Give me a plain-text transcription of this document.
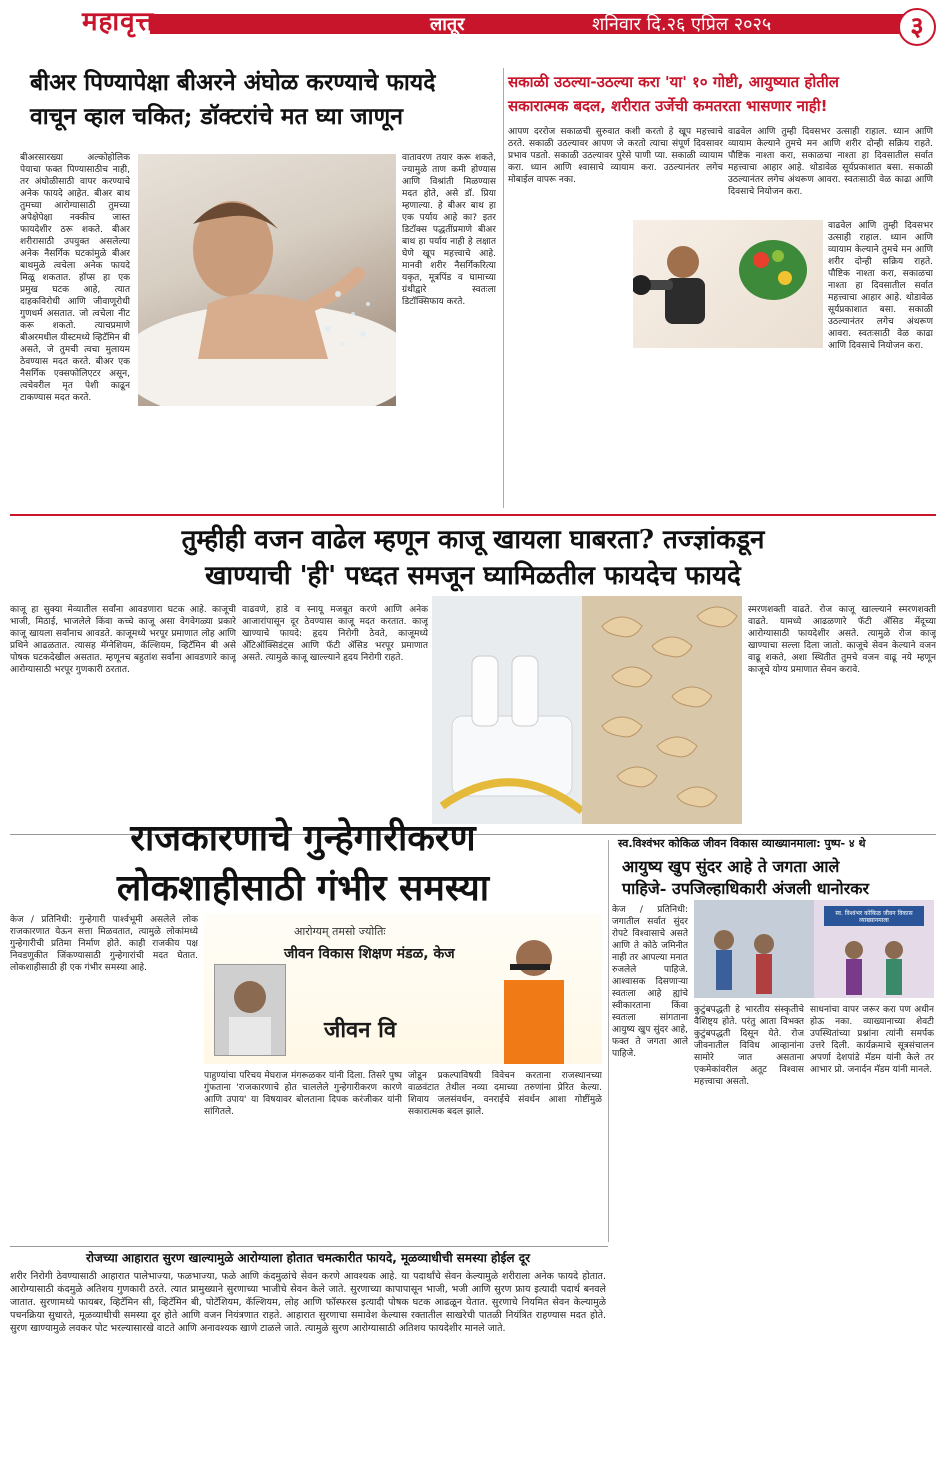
महावृत्त	लातूर	शनिवार दि.२६ एप्रिल २०२५	३
बीअर पिण्यापेक्षा बीअरने अंघोळ करण्याचे फायदे
वाचून व्हाल चकित; डॉक्टरांचे मत घ्या जाणून
बीअरसारख्या अल्कोहोलिक पेयाचा फक्त पिण्यासाठीच नाही, तर अंघोळीसाठी वापर करण्याचे अनेक फायदे आहेत. बीअर बाथ तुमच्या आरोग्यासाठी तुमच्या अपेक्षेपेक्षा नक्कीच जास्त फायदेशीर ठरू शकते. बीअर शरीरासाठी उपयुक्त असलेल्या अनेक नैसर्गिक घटकांमुळे बीअर बाथमुळे त्वचेला अनेक फायदे मिळू शकतात. हॉप्स हा एक प्रमुख घटक आहे, त्यात दाहकविरोधी आणि जीवाणूरोधी गुणधर्म असतात. जो त्वचेला नीट करू शकतो. त्याचप्रमाणे बीअरमधील यीस्टमध्ये व्हिटॅमिन बी असते, जे तुमची त्वचा मुलायम ठेवण्यास मदत करते. बीअर एक नैसर्गिक एक्सफोलिएटर असून, त्वचेवरील मृत पेशी काढून टाकण्यास मदत करते.
वातावरण तयार करू शकते, ज्यामुळे ताण कमी होण्यास आणि विश्रांती मिळण्यास मदत होते, असे डॉ. प्रिया म्हणाल्या. हे बीअर बाथ हा एक पर्याय आहे का? इतर डिटॉक्स पद्धतींप्रमाणे बीअर बाथ हा पर्याय नाही हे लक्षात घेणे खूप महत्त्वाचे आहे. मानवी शरीर नैसर्गिकरित्या यकृत, मूत्रपिंड व घामाच्या ग्रंथीद्वारे स्वतःला डिटॉक्सिफाय करते.
सकाळी उठल्या-उठल्या करा 'या' १० गोष्टी, आयुष्यात होतील
सकारात्मक बदल, शरीरात उर्जेची कमतरता भासणार नाही!
आपण दररोज सकाळची सुरुवात कशी करतो हे खूप महत्त्वाचे ठरते. सकाळी उठल्यावर आपण जे करतो त्याचा संपूर्ण दिवसावर प्रभाव पडतो. सकाळी उठल्यावर पुरेसे पाणी प्या. सकाळी व्यायाम करा. ध्यान आणि श्वासाचे व्यायाम करा. उठल्यानंतर लगेच मोबाईल वापरू नका.
वाढवेल आणि तुम्ही दिवसभर उत्साही राहाल. ध्यान आणि व्यायाम केल्याने तुमचे मन आणि शरीर दोन्ही सक्रिय राहते. पौष्टिक नाश्ता करा, सकाळचा नाश्ता हा दिवसातील सर्वात महत्त्वाचा आहार आहे. थोडावेळ सूर्यप्रकाशात बसा. सकाळी उठल्यानंतर लगेच अंथरूण आवरा. स्वतःसाठी वेळ काढा आणि दिवसाचे नियोजन करा.
वाढवेल आणि तुम्ही दिवसभर उत्साही राहाल. ध्यान आणि व्यायाम केल्याने तुमचे मन आणि शरीर दोन्ही सक्रिय राहते. पौष्टिक नाश्ता करा, सकाळचा नाश्ता हा दिवसातील सर्वात महत्त्वाचा आहार आहे. थोडावेळ सूर्यप्रकाशात बसा. सकाळी उठल्यानंतर लगेच अंथरूण आवरा. स्वतःसाठी वेळ काढा आणि दिवसाचे नियोजन करा.
तुम्हीही वजन वाढेल म्हणून काजू खायला घाबरता? तज्ज्ञांकडून
खाण्याची 'ही' पध्दत समजून घ्यामिळतील फायदेच फायदे
काजू हा सुक्या मेव्यातील सर्वांना आवडणारा घटक आहे. काजूची भाजी, मिठाई, भाजलेले किंवा कच्चे काजू असा वेगवेगळ्या प्रकारे काजू खायला सर्वांनाच आवडते. काजूमध्ये भरपूर प्रमाणात लोह आणि प्रथिने आढळतात. त्यासह मॅग्नेशियम, कॅल्शियम, व्हिटॅमिन बी असे पोषक घटकदेखील असतात. म्हणूनच बहुतांश सर्वांना आवडणारे काजू आरोग्यासाठी भरपूर गुणकारी ठरतात.
वाढवणे, हाडे व स्नायू मजबूत करणे आणि अनेक आजारांपासून दूर ठेवण्यास काजू मदत करतात. काजू खाण्याचे फायदे: हृदय निरोगी ठेवते, काजूमध्ये अँटिऑक्सिडंट्स आणि फॅटी ॲसिड भरपूर प्रमाणात असते. त्यामुळे काजू खाल्ल्याने हृदय निरोगी राहते.
स्मरणशक्ती वाढते. रोज काजू खाल्ल्याने स्मरणशक्ती वाढते. यामध्ये आढळणारे फॅटी ॲसिड मेंदूच्या आरोग्यासाठी फायदेशीर असते. त्यामुळे रोज काजू खाण्याचा सल्ला दिला जातो. काजूचे सेवन केल्याने वजन वाढू शकते, अशा स्थितीत तुमचे वजन वाढू नये म्हणून काजूचे योग्य प्रमाणात सेवन करावे.
राजकारणाचे गुन्हेगारीकरण
लोकशाहीसाठी गंभीर समस्या
केज / प्रतिनिधी: गुन्हेगारी पार्श्वभूमी असलेले लोक राजकारणात येऊन सत्ता मिळवतात, त्यामुळे लोकांमध्ये गुन्हेगारीची प्रतिमा निर्माण होते. काही राजकीय पक्ष निवडणुकीत जिंकण्यासाठी गुन्हेगारांची मदत घेतात. लोकशाहीसाठी ही एक गंभीर समस्या आहे.
आरोग्यम् तमसो ज्योतिः
जीवन विकास शिक्षण मंडळ, केज
जीवन वि
पाहुण्यांचा परिचय मेघराज मंगरूळकर यांनी दिला. तिसरे पुष्प गुंफताना 'राजकारणाचे होत चाललेले गुन्हेगारीकरण कारणे आणि उपाय' या विषयावर बोलताना दिपक करंजीकर यांनी सांगितले.
जोडून प्रकल्पाविषयी विवेचन करताना राजस्थानच्या वाळवंटात तेथील नव्या दमाच्या तरुणांना प्रेरित केल्या. शिवाय जलसंवर्धन, वनराईचे संवर्धन आशा गोष्टींमुळे सकारात्मक बदल झाले.
स्व.विश्वंभर कोकिळ जीवन विकास व्याख्यानमाला: पुष्प- ४ थे
आयुष्य खुप सुंदर आहे ते जगता आले
पाहिजे- उपजिल्हाधिकारी अंजली धानोरकर
केज / प्रतिनिधी: जगातील सर्वात सुंदर रोपटे विश्वासाचे असते आणि ते कोठे जमिनीत नाही तर आपल्या मनात रुजलेले पाहिजे. आश्वासक दिसणाऱ्या स्वतःला आहे ह्यांचे स्वीकारताना किंवा स्वतःला सांगताना आयुष्य खुप सुंदर आहे, फक्त ते जगता आले पाहिजे.
स्व. विश्वंभर कोकिळ जीवन विकास व्याख्यानमाला
कुटुंबपद्धती हे भारतीय संस्कृतीचे वैशिष्ट्य होते. परंतु आता विभक्त कुटुंबपद्धती दिसून येते. रोज जीवनातील विविध आव्हानांना सामोरे जात असताना एकमेकांवरील अतूट विश्वास महत्त्वाचा असतो.
साधनांचा वापर जरूर करा पण अधीन होऊ नका. व्याख्यानाच्या शेवटी उपस्थितांच्या प्रश्नांना त्यांनी समर्पक उत्तरे दिली. कार्यक्रमाचे सूत्रसंचालन अपर्णा देशपांडे मॅडम यांनी केले तर आभार प्रो. जनार्दन मॅडम यांनी मानले.
रोजच्या आहारात सुरण खाल्यामुळे आरोग्याला होतात चमत्कारीत फायदे, मूळव्याधीची समस्या होईल दूर
शरीर निरोगी ठेवण्यासाठी आहारात पालेभाज्या, फळभाज्या, फळे आणि कंदमुळांचे सेवन करणे आवश्यक आहे. या पदार्थांचे सेवन केल्यामुळे शरीराला अनेक फायदे होतात. आरोग्यासाठी कंदमुळे अतिशय गुणकारी ठरते. त्यात प्रामुख्याने सुरणाच्या भाजीचे सेवन केले जाते. सुरणाच्या कापापासून भाजी, भजी आणि सुरण फ्राय इत्यादी पदार्थ बनवले जातात. सुरणामध्ये फायबर, व्हिटॅमिन सी, व्हिटॅमिन बी, पोटॅशियम, कॅल्शियम, लोह आणि फॉस्फरस इत्यादी पोषक घटक आढळून येतात. सुरणाचे नियमित सेवन केल्यामुळे पचनक्रिया सुधारते, मूळव्याधीची समस्या दूर होते आणि वजन नियंत्रणात राहते. आहारात सुरणाचा समावेश केल्यास रक्तातील साखरेची पातळी नियंत्रित राहण्यास मदत होते. सुरण खाण्यामुळे लवकर पोट भरल्यासारखे वाटते आणि अनावश्यक खाणे टाळले जाते. त्यामुळे सुरण आरोग्यासाठी अतिशय फायदेशीर मानले जाते.
